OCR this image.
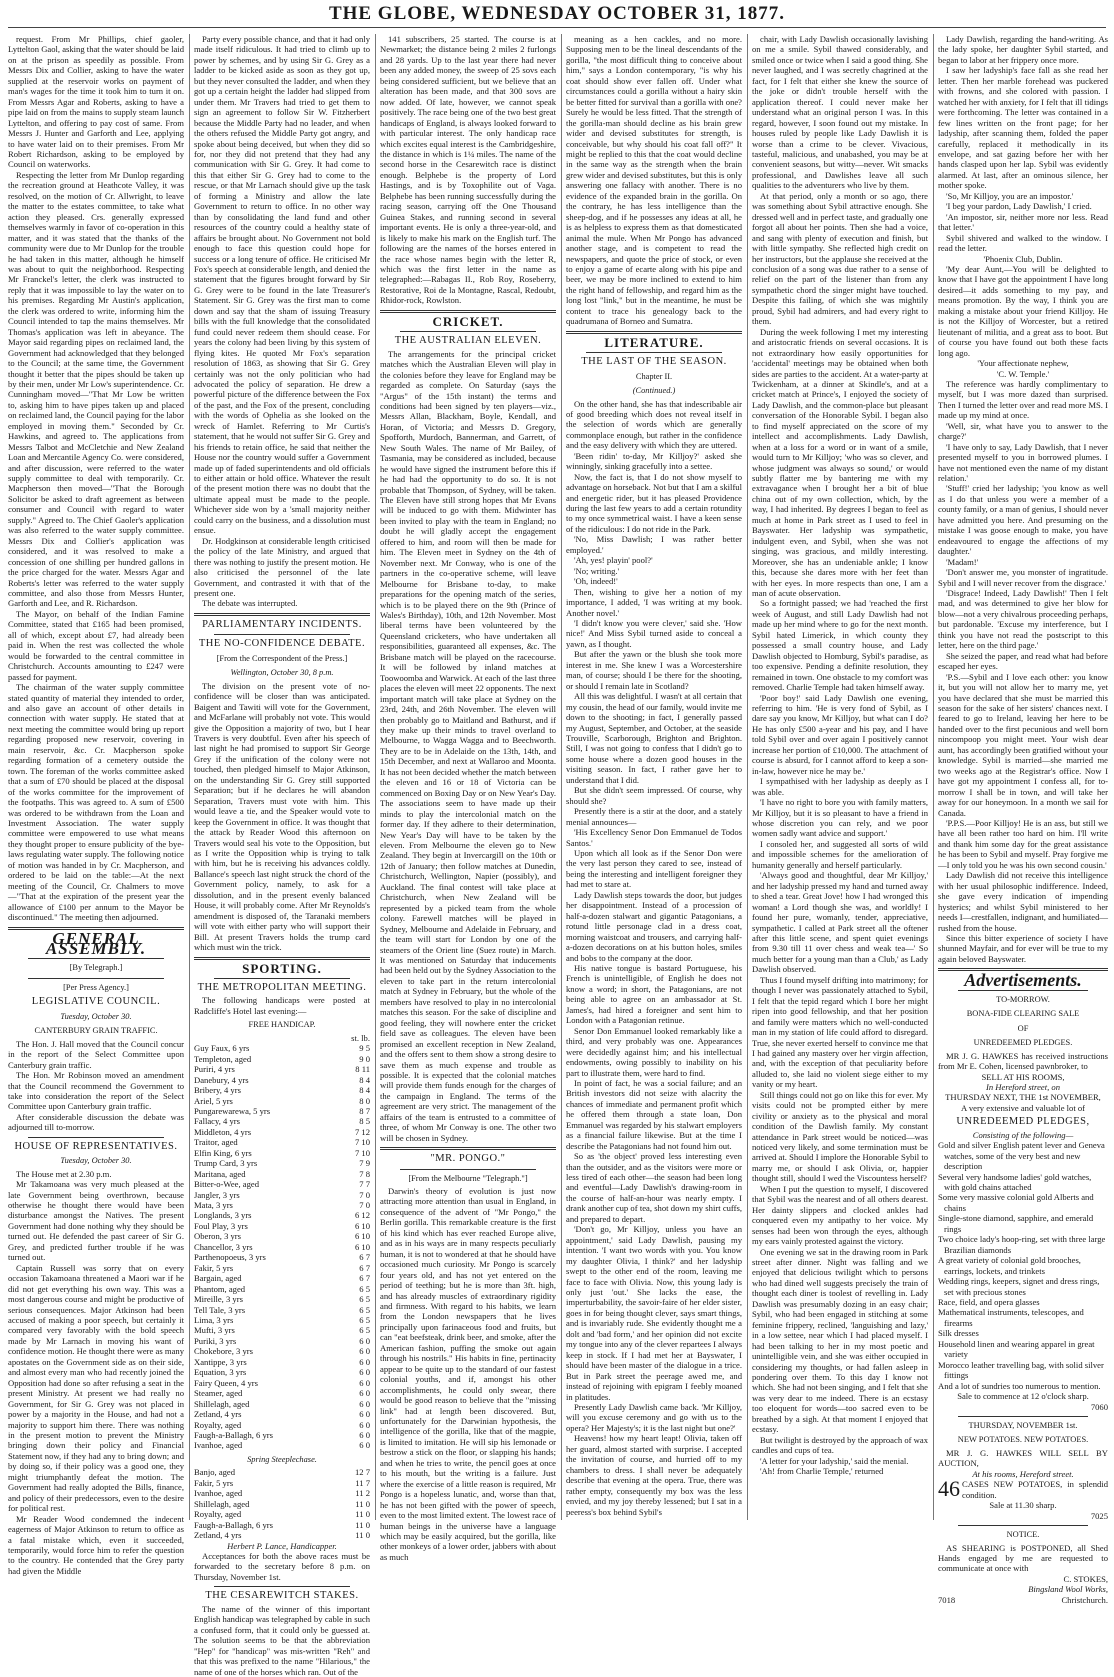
THE GLOBE, WEDNESDAY OCTOBER 31, 1877.

request. From Mr Phillips, chief gaoler, Lyttelton Gaol, asking that the water should be laid on at the prison as speedily as possible. From Messrs Dix and Collier, asking to have the water supplied at the reservoir works on payment of man's wages for the time it took him to turn it on. From Messrs Agar and Roberts, asking to have a pipe laid on from the mains to supply steam launch Lyttelton, and offering to pay cost of same. From Messrs J. Hunter and Garforth and Lee, applying to have water laid on to their premises. From Mr Robert Richardson, asking to be employed by Council on waterworks.

Respecting the letter from Mr Dunlop regarding the recreation ground at Heathcote Valley, it was resolved, on the motion of Cr. Allwright, to leave the matter to the estates committee, to take what action they pleased. Crs. generally expressed themselves warmly in favor of co-operation in this matter, and it was stated that the thanks of the community were due to Mr Dunlop for the trouble he had taken in this matter, although he himself was about to quit the neighborhood. Respecting Mr Franckel's letter, the clerk was instructed to reply that it was impossible to lay the water on to his premises. Regarding Mr Austin's application, the clerk was ordered to write, informing him the Council intended to tap the mains themselves. Mr Thomas's application was left in abeyance. The Mayor said regarding pipes on reclaimed land, the Government had acknowledged that they belonged to the Council; at the same time, the Government thought it better that the pipes should be taken up by their men, under Mr Low's superintendence. Cr. Cunningham moved—"That Mr Low be written to, asking him to have pipes taken up and placed on reclaimed land, the Council paying for the labor employed in moving them." Seconded by Cr. Hawkins, and agreed to. The applications from Messrs Talbot and McCletchie and New Zealand Loan and Mercantile Agency Co. were considered, and after discussion, were referred to the water supply committee to deal with temporarily. Cr. Macpherson then moved—"That the Borough Solicitor be asked to draft agreement as between consumer and Council with regard to water supply." Agreed to. The Chief Gaoler's application was also referred to the water supply committee. Messrs Dix and Collier's application was considered, and it was resolved to make a concession of one shilling per hundred gallons in the price charged for the water. Messrs Agar and Roberts's letter was referred to the water supply committee, and also those from Messrs Hunter, Garforth and Lee, and R. Richardson.

The Mayor, on behalf of the Indian Famine Committee, stated that £165 had been promised, all of which, except about £7, had already been paid in. When the rest was collected the whole would be forwarded to the central committee in Christchurch. Accounts amounting to £247 were passed for payment.

The chairman of the water supply committee stated quantity of material they intended to order, and also gave an account of other details in connection with water supply. He stated that at next meeting the committee would bring up report regarding proposed new reservoir, covering in main reservoir, &c. Cr. Macpherson spoke regarding formation of a cemetery outside the town. The foreman of the works committee asked that a sum of £70 should be placed at the disposal of the works committee for the improvement of the footpaths. This was agreed to. A sum of £500 was ordered to be withdrawn from the Loan and Investment Association. The water supply committee were empowered to use what means they thought proper to ensure publicity of the bye-laws regulating water supply. The following notice of motion was handed in by Cr. Macpherson, and ordered to be laid on the table:—At the next meeting of the Council, Cr. Chalmers to move—"That at the expiration of the present year the allowance of £100 per annum to the Mayor be discontinued." The meeting then adjourned.

GENERAL ASSEMBLY.

[By Telegraph.]

[Per Press Agency.]

LEGISLATIVE COUNCIL.

Tuesday, October 30.

CANTERBURY GRAIN TRAFFIC.

The Hon. J. Hall moved that the Council concur in the report of the Select Committee upon Canterbury grain traffic.

The Hon. Mr Robinson moved an amendment that the Council recommend the Government to take into consideration the report of the Select Committee upon Canterbury grain traffic.

After considerable discussion the debate was adjourned till to-morrow.

HOUSE OF REPRESENTATIVES.

Tuesday, October 30.

The House met at 2.30 p.m.

Mr Takamoana was very much pleased at the late Government being overthrown, because otherwise he thought there would have been disturbance amongst the Natives. The present Government had done nothing why they should be turned out. He defended the past career of Sir G. Grey, and predicted further trouble if he was turned out.

Captain Russell was sorry that on every occasion Takamoana threatened a Maori war if he did not get everything his own way. This was a most dangerous course and might be productive of serious consequences. Major Atkinson had been accused of making a poor speech, but certainly it compared very favorably with the bold speech made by Mr Larnach in moving his want of confidence motion. He thought there were as many apostates on the Government side as on their side, and almost every man who had recently joined the Opposition had done so after refusing a seat in the present Ministry. At present we had really no Government, for Sir G. Grey was not placed in power by a majority in the House, and had not a majority to support him there. There was nothing in the present motion to prevent the Ministry bringing down their policy and Financial Statement now, if they had any to bring down; and by doing so, if their policy was a good one, they might triumphantly defeat the motion. The Government had really adopted the Bills, finance, and policy of their predecessors, even to the desire for political rest.

Mr Reader Wood condemned the indecent eagerness of Major Atkinson to return to office as a fatal mistake which, even it succeeded, temporarily, would force him to refer the question to the country. He contended that the Grey party had given the Middle

Party every possible chance, and that it had only made itself ridiculous. It had tried to climb up to power by schemes, and by using Sir G. Grey as a ladder to be kicked aside as soon as they got up, but they never consulted the ladder, and when they got up a certain height the ladder had slipped from under them. Mr Travers had tried to get them to sign an agreement to follow Sir W. Fitzherbert because the Middle Party had no leader, and when the others refused the Middle Party got angry, and spoke about being deceived, but when they did so for, nor they did not pretend that they had any communication with Sir G. Grey. It had come to this that either Sir G. Grey had to come to the rescue, or that Mr Larnach should give up the task of forming a Ministry and allow the late Government to return to office. In no other way than by consolidating the land fund and other resources of the country could a healthy state of affairs be brought about. No Government not bold enough to face this question could hope for success or a long tenure of office. He criticised Mr Fox's speech at considerable length, and denied the statement that the figures brought forward by Sir G. Grey were to be found in the late Treasurer's Statement. Sir G. Grey was the first man to come down and say that the sham of issuing Treasury bills with the full knowledge that the consolidated fund could never redeem them should cease. For years the colony had been living by this system of flying kites. He quoted Mr Fox's separation resolution of 1863, as showing that Sir G. Grey certainly was not the only politician who had advocated the policy of separation. He drew a powerful picture of the difference between the Fox of the past, and the Fox of the present, concluding with the words of Ophelia as she looked on the wreck of Hamlet. Referring to Mr Curtis's statement, that he would not suffer Sir G. Grey and his friends to retain office, he said that neither the House nor the country would suffer a Government made up of faded superintendents and old officials to either attain or hold office. Whatever the result of the present motion there was no doubt that the ultimate appeal must be made to the people. Whichever side won by a 'small majority neither could carry on the business, and a dissolution must ensue.

Dr. Hodgkinson at considerable length criticised the policy of the late Ministry, and argued that there was nothing to justify the present motion. He also criticised the personnel of the late Government, and contrasted it with that of the present one.

The debate was interrupted.

PARLIAMENTARY INCIDENTS.

THE NO-CONFIDENCE DEBATE.

[From the Correspondent of the Press.]

Wellington, October 30, 8 p.m.

The division on the present vote of no-confidence will be closer than was anticipated. Baigent and Tawiti will vote for the Government, and McFarlane will probably not vote. This would give the Opposition a majority of two, but I hear Travers is very doubtful. Even after his speech of last night he had promised to support Sir George Grey if the unification of the colony were not touched, then pledged himself to Major Atkinson, on the understanding Sir G. Grey still supported Separation; but if he declares he will abandon Separation, Travers must vote with him. This would leave a tie, and the Speaker would vote to keep the Government in office. It was thought that the attack by Reader Wood this afternoon on Travers would seal his vote to the Opposition, but as I write the Opposition whip is trying to talk with him, but he is receiving his advances coldly. Ballance's speech last night struck the chord of the Government policy, namely, to ask for a dissolution, and in the present evenly balanced House, it will probably come. After Mr Reynolds's amendment is disposed of, the Taranaki members will vote with either party who will support their Bill. At present Travers holds the trump card which must win the trick.

SPORTING.

THE METROPOLITAN MEETING.

The following handicaps were posted at Radcliffe's Hotel last evening:—

FREE HANDICAP.

st. lb.
Guy Faux, 6 yrs	9 5
Templeton, aged	9 0
Puriri, 4 yrs	8 11
Danebury, 4 yrs	8 4
Bribery, 4 yrs	8 4
Ariel, 5 yrs	8 0
Pungarewarewa, 5 yrs	8 7
Fallacy, 4 yrs	8 5
Middleton, 4 yrs	7 12
Traitor, aged	7 10
Elfin King, 6 yrs	7 10
Trump Card, 3 yrs	7 9
Maritana, aged	7 8
Bitter-o-Wee, aged	7 7
Jangler, 3 yrs	7 0
Mata, 3 yrs	7 0
Longlands, 3 yrs	6 12
Foul Play, 3 yrs	6 10
Oberon, 3 yrs	6 10
Chancellor, 3 yrs	6 10
Parthenopoeus, 3 yrs	6 7
Fakir, 5 yrs	6 7
Bargain, aged	6 7
Phantom, aged	6 5
Mireille, 3 yrs	6 5
Tell Tale, 3 yrs	6 5
Lima, 3 yrs	6 5
Mufti, 3 yrs	6 5
Puriki, 3 yrs	6 0
Chokebore, 3 yrs	6 0
Xantippe, 3 yrs	6 0
Equation, 3 yrs	6 0
Fairy Queen, 4 yrs	6 0
Steamer, aged	6 0
Shillelagh, aged	6 0
Zetland, 4 yrs	6 0
Royalty, aged	6 0
Faugh-a-Ballagh, 6 yrs	6 0
Ivanhoe, aged	6 0

Spring Steeplechase.

Banjo, aged	12 7
Fakir, 5 yrs	11 7
Ivanhoe, aged	11 2
Shillelagh, aged	11 0
Royalty, aged	11 0
Faugh-a-Ballagh, 6 yrs	11 0
Zetland, 4 yrs	11 0

Herbert P. Lance, Handicapper.

Acceptances for both the above races must be forwarded to the secretary before 8 p.m. on Thursday, November 1st.

THE CESAREWITCH STAKES.

The name of the winner of this important English handicap was telegraphed by cable in such a confused form, that it could only be guessed at. The solution seems to be that the abbreviation "Hep" for "handicap" was mis-written "Reh" and that this was prefixed to the name "Hilarious," the name of one of the horses which ran. Out of the

141 subscribers, 25 started. The course is at Newmarket; the distance being 2 miles 2 furlongs and 28 yards. Up to the last year there had never been any added money, the sweep of 25 sovs each being considered sufficient, but we believe that an alteration has been made, and that 300 sovs are now added. Of late, however, we cannot speak positively. The race being one of the two best great handicaps of England, is always looked forward to with particular interest. The only handicap race which excites equal interest is the Cambridgeshire, the distance in which is 1¼ miles. The name of the second horse in the Cesarewitch race is distinct enough. Belphebe is the property of Lord Hastings, and is by Toxophilite out of Vaga. Belphebe has been running successfully during the racing season, carrying off the One Thousand Guinea Stakes, and running second in several important events. He is only a three-year-old, and is likely to make his mark on the English turf. The following are the names of the horses entered in the race whose names begin with the letter R, which was the first letter in the name as telegraphed:—Rabagas II., Rob Roy, Roseberry, Restorative, Roi de la Montagne, Rascal, Redoubt, Rhidor-rock, Rowlston.

CRICKET.

THE AUSTRALIAN ELEVEN.

The arrangements for the principal cricket matches which the Australian Eleven will play in the colonies before they leave for England may be regarded as complete. On Saturday (says the "Argus" of the 15th instant) the terms and conditions had been signed by ten players—viz., Messrs Allan, Blackham, Boyle, Kendall, and Horan, of Victoria; and Messrs D. Gregory, Spofforth, Murdoch, Bannerman, and Garrett, of New South Wales. The name of Mr Bailey, of Tasmania, may be considered as included, because he would have signed the instrument before this if he had had the opportunity to do so. It is not probable that Thompson, of Sydney, will be taken. The Eleven have still strong hopes that Mr Evans will be induced to go with them. Midwinter has been invited to play with the team in England; no doubt he will gladly accept the engagement offered to him, and room will then be made for him. The Eleven meet in Sydney on the 4th of November next. Mr Conway, who is one of the partners in the co-operative scheme, will leave Melbourne for Brisbane to-day, to make preparations for the opening match of the series, which is to be played there on the 9th (Prince of Wales's Birthday), 10th, and 12th November. Most liberal terms have been volunteered by the Queensland cricketers, who have undertaken all responsibilities, guaranteed all expenses, &c. The Brisbane match will be played on the racecourse. It will be followed by inland matches at Toowoomba and Warwick. At each of the last three places the eleven will meet 22 opponents. The next important match will take place at Sydney on the 23rd, 24th, and 26th November. The eleven will then probably go to Maitland and Bathurst, and if they make up their minds to travel overland to Melbourne, to Wagga Wagga and to Beechworth. They are to be in Adelaide on the 13th, 14th, and 15th December, and next at Wallaroo and Moonta. It has not been decided whether the match between the eleven and 16 or 18 of Victoria can be commenced on Boxing Day or on New Year's Day. The associations seem to have made up their minds to play the intercolonial match on the former day. If they adhere to their determination, New Year's Day will have to be taken by the eleven. From Melbourne the eleven go to New Zealand. They begin at Invercargill on the 10th or 12th of January; then follow matches at Dunedin, Christchurch, Wellington, Napier (possibly), and Auckland. The final contest will take place at Christchurch, when New Zealand will be represented by a picked team from the whole colony. Farewell matches will be played in Sydney, Melbourne and Adelaide in February, and the team will start for London by one of the steamers of the Orient line (Suez route) in March. It was mentioned on Saturday that inducements had been held out by the Sydney Association to the eleven to take part in the return intercolonial match at Sydney in February, but the whole of the members have resolved to play in no intercolonial matches this season. For the sake of discipline and good feeling, they will nowhere enter the cricket field save as colleagues. The eleven have been promised an excellent reception in New Zealand, and the offers sent to them show a strong desire to save them as much expense and trouble as possible. It is expected that the colonial matches will provide them funds enough for the charges of the campaign in England. The terms of the agreement are very strict. The management of the affairs of the team is entrusted to a committee of three, of whom Mr Conway is one. The other two will be chosen in Sydney.

"MR. PONGO."

[From the Melbourne "Telegraph."]

Darwin's theory of evolution is just now attracting more attention than usual in England, in consequence of the advent of "Mr Pongo," the Berlin gorilla. This remarkable creature is the first of his kind which has ever reached Europe alive, and as in his ways are in many respects peculiarly human, it is not to wondered at that he should have occasioned much curiosity. Mr Pongo is scarcely four years old, and has not yet entered on the period of teething; but he is more than 3ft. high, and has already muscles of extraordinary rigidity and firmness. With regard to his habits, we learn from the London newspapers that he lives principally upon farinaceous food and fruits, but can "eat beefsteak, drink beer, and smoke, after the American fashion, puffing the smoke out again through his nostrils." His habits in fine, pertinacity appear to be quite up to the standard of our fastest colonial youths, and if, amongst his other accomplishments, he could only swear, there would be good reason to believe that the "missing link" had at length been discovered. But, unfortunately for the Darwinian hypothesis, the intelligence of the gorilla, like that of the magpie, is limited to imitation. He will sip his lemonade or bestrow a stick on the floor, or slapping his hands; and when he tries to write, the pencil goes at once to his mouth, but the writing is a failure. Just where the exercise of a little reason is required, Mr Pongo is a hopeless lunatic, and, worse than that, he has not been gifted with the power of speech, even to the most limited extent. The lowest race of human beings in the universe have a language which may be easily acquired, but the gorilla, like other monkeys of a lower order, jabbers with about as much

meaning as a hen cackles, and no more. Supposing men to be the lineal descendants of the gorilla, "the most difficult thing to conceive about him," says a London contemporary, "is why his coat should show ever fallen off. Under what circumstances could a gorilla without a hairy skin be better fitted for survival than a gorilla with one? Surely he would be less fitted. That the strength of the gorilla-man should decline as his brain grew wider and devised substitutes for strength, is conceivable, but why should his coat fall off?" It might be replied to this that the coat would decline in the same way as the strength when the brain grew wider and devised substitutes, but this is only answering one fallacy with another. There is no evidence of the expanded brain in the gorilla. On the contrary, he has less intelligence than the sheep-dog, and if he possesses any ideas at all, he is as helpless to express them as that domesticated animal the mule. When Mr Pongo has advanced another stage, and is competent to read the newspapers, and quote the price of stock, or even to enjoy a game of ecarte along with his pipe and beer, we may be more inclined to extend to him the right hand of fellowship, and regard him as the long lost "link," but in the meantime, he must be content to trace his genealogy back to the quadrumana of Borneo and Sumatra.

LITERATURE.

THE LAST OF THE SEASON.

Chapter II.

(Continued.)

On the other hand, she has that indescribable air of good breeding which does not reveal itself in the selection of words which are generally commonplace enough, but rather in the confidence and the easy delivery with which they are uttered.

'Been ridin' to-day, Mr Killjoy?' asked she winningly, sinking gracefully into a settee.

Now, the fact is, that I do not show myself to advantage on horseback. Not but that I am a skilful and energetic rider, but it has pleased Providence during the last few years to add a certain rotundity to my once symmetrical waist. I have a keen sense of the ridiculous: I do not ride in the Park.

'No, Miss Dawlish; I was rather better employed.'

'Ah, yes! playin' pool?'

'No; writing.'

'Oh, indeed!'

Then, wishing to give her a notion of my importance, I added, 'I was writing at my book. Another novel.'

'I didn't know you were clever,' said she. 'How nice!' And Miss Sybil turned aside to conceal a yawn, as I thought.

But after the yawn or the blush she took more interest in me. She knew I was a Worcestershire man, of course; should I be there for the shooting, or should I remain late in Scotland?

All this was delightful. I wasn't at all certain that my cousin, the head of our family, would invite me down to the shooting; in fact, I generally passed my August, September, and October, at the seaside Trouville, Scarborough, Brighton and Brighton. Still, I was not going to confess that I didn't go to some house where a dozen good houses in the visiting season. In fact, I rather gave her to understand that I did.

But she didn't seem impressed. Of course, why should she?

Presently there is a stir at the door, and a stately menial announces—

'His Excellency Senor Don Emmanuel de Todos Santos.'

Upon which all look as if the Senor Don were the very last person they cared to see, instead of being the interesting and intelligent foreigner they had met to stare at.

Lady Dawlish steps towards the door, but judges her disappointment. Instead of a procession of half-a-dozen stalwart and gigantic Patagonians, a rotund little personage clad in a dress coat, morning waistcoat and trousers, and carrying half-a-dozen decorations on at his button holes, smiles and bobs to the company at the door.

His native tongue is bastard Portuguese, his French is unintelligible, of English he does not know a word; in short, the Patagonians, are not being able to agree on an ambassador at St. James's, had hired a foreigner and sent him to London with a Patagonian retinue.

Senor Don Emmanuel looked remarkably like a third, and very probably was one. Appearances were decidedly against him; and his intellectual endowments, owing possibly to inability on his part to illustrate them, were hard to find.

In point of fact, he was a social failure; and an British investors did not seize with alacrity the chances of immediate and permanent profit which he offered them through a state loan, Don Emmanuel was regarded by his stalwart employers as a financial failure likewise. But at the time I describe the Patagonians had not found him out.

So as 'the object' proved less interesting even than the outsider, and as the visitors were more or less tired of each other—the season had been long and eventful—Lady Dawlish's drawing-room in the course of half-an-hour was nearly empty. I drank another cup of tea, shot down my shirt cuffs, and prepared to depart.

'Don't go, Mr Killjoy, unless you have an appointment,' said Lady Dawlish, pausing my intention. 'I want two words with you. You know my daughter Olivia, I think?' and her ladyship swept to the other end of the room, leaving me face to face with Olivia. Now, this young lady is only just 'out.' She lacks the ease, the imperturbability, the savoir-faire of her elder sister, goes in for being thought clever, says smart things, and is invariably rude. She evidently thought me a dolt and 'bad form,' and her opinion did not excite my tongue into any of the clever repartees I always keep in stock. If I had met her at Bayswater, I should have been master of the dialogue in a trice. But in Park street the peerage awed me, and instead of rejoining with epigram I feebly moaned in platitudes.

Presently Lady Dawlish came back. 'Mr Killjoy, will you excuse ceremony and go with us to the opera? Her Majesty's; it is the last night but one?'

Heavens! how my heart leapt! Olivia, taken off her guard, almost started with surprise. I accepted the invitation of course, and hurried off to my chambers to dress. I shall never be adequately describe that evening at the opera. True, there was rather empty, consequently my box was the less envied, and my joy thereby lessened; but I sat in a peeress's box behind Sybil's

chair, with Lady Dawlish occasionally lavishing on me a smile. Sybil thawed considerably, and smiled once or twice when I said a good thing. She never laughed, and I was secretly chagrined at the fact, for I felt that either she knew the source of the joke or didn't trouble herself with the application thereof. I could never make her understand what an original person I was. In this regard, however, I soon found out my mistake. In houses ruled by people like Lady Dawlish it is worse than a crime to be clever. Vivacious, tasteful, malicious, and unabashed, you may be at convenient seasons, but witty—never. Wit smacks professional, and Dawlishes leave all such qualities to the adventurers who live by them.

At that period, only a month or so ago, there was something about Sybil attractive enough. She dressed well and in perfect taste, and gradually one forgot all about her points. Then she had a voice, and sang with plenty of execution and finish, but with little sympathy. She reflected high credit on her instructors, but the applause she received at the conclusion of a song was due rather to a sense of relief on the part of the listener than from any sympathetic chord the singer might have touched. Despite this failing, of which she was mightily proud, Sybil had admirers, and had every right to them.

During the week following I met my interesting and aristocratic friends on several occasions. It is not extraordinary how easily opportunities for 'accidental' meetings may be obtained when both sides are parties to the accident. At a water-party at Twickenham, at a dinner at Skindle's, and at a cricket match at Prince's, I enjoyed the society of Lady Dawlish, and the common-place but pleasant conversation of the Honorable Sybil. I began also to find myself appreciated on the score of my intellect and accomplishments. Lady Dawlish, when at a loss for a word or in want of a smile, would turn to Mr Killjoy; 'who was so clever, and whose judgment was always so sound,' or would subtly flatter me by bantering me with my extravagance when I brought her a bit of blue china out of my own collection, which, by the way, I had inherited. By degrees I began to feel as much at home in Park street as I used to feel in Bayswater. Her ladyship was sympathetic, indulgent even, and Sybil, when she was not singing, was gracious, and mildly interesting. Moreover, she has an undeniable ankle; I know this, because she dares more with her feet than with her eyes. In more respects than one, I am a man of acute observation.

So a fortnight passed; we had 'reached the first week of August, and still Lady Dawlish had not made up her mind where to go for the next month. Sybil hated Limerick, in which county they possessed a small country house, and Lady Dawlish objected to Homburg, Sybil's paradise, as too expensive. Pending a definite resolution, they remained in town. One obstacle to my comfort was removed. Charlie Temple had taken himself away.

'Poor boy!' said Lady Dawlish one evening, referring to him. 'He is very fond of Sybil, as I dare say you know, Mr Killjoy, but what can I do? He has only £500 a-year and his pay, and I have told Sybil over and over again I positively cannot increase her portion of £10,000. The attachment of course is absurd, for I cannot afford to keep a son-in-law, however nice he may be.'

I sympathised with her ladyship as deeply as I was able.

'I have no right to bore you with family matters, Mr Killjoy, but it is so pleasant to have a friend in whose discretion you can rely, and we poor women sadly want advice and support.'

I consoled her, and suggested all sorts of wild and impossible schemes for the amelioration of humanity generally and herself particularly.

'Always good and thoughtful, dear Mr Killjoy,' and her ladyship pressed my hand and turned away to shed a tear. Great Jove! how I had wronged this woman! a Lord though she was, and worldly! I found her pure, womanly, tender, appreciative, sympathetic. I called at Park street all the oftener after this little scene, and spent quiet evenings from 9.30 till 11 over chess and weak tea—' So much better for a young man than a Club,' as Lady Dawlish observed.

Thus I found myself drifting into matrimony; for though I never was passionately attached to Sybil, I felt that the tepid regard which I bore her might ripen into good fellowship, and that her position and family were matters which no well-conducted man in my station of life could afford to disregard. True, she never exerted herself to convince me that I had gained any mastery over her virgin affection, and, with the exception of that peculiarity before alluded to, she laid no violent siege either to my vanity or my heart.

Still things could not go on like this for ever. My visits could not be prompted either by mere civility or anxiety as to the physical and moral condition of the Dawlish family. My constant attendance in Park street would be noticed—was noticed very likely, and some termination must be arrived at. Should I implore the Honorable Sybil to marry me, or should I ask Olivia, or, happier thought still, should I wed the Viscountess herself?

When I put the question to myself, I discovered that Sybil was the nearest and of all others dearest. Her dainty slippers and clocked ankles had conquered even my antipathy to her voice. My senses had been won through the eyes, although my ears vainly protested against the victory.

One evening we sat in the drawing room in Park street after dinner. Night was falling and we enjoyed that delicious twilight which to persons who had dined well suggests precisely the train of thought each diner is toolest of revelling in. Lady Dawlish was presumably dozing in an easy chair; Sybil, who had been engaged in stitching at some feminine frippery, reclined, 'languishing and lazy,' in a low settee, near which I had placed myself. I had been talking to her in my most poetic and unintelligible vein, and she was either occupied in considering my thoughts, or had fallen asleep in pondering over them. To this day I know not which. She had not been singing, and I felt that she was very dear to me indeed. There is an ecstasy too eloquent for words—too sacred even to be breathed by a sigh. At that moment I enjoyed that ecstasy.

But twilight is destroyed by the approach of wax candles and cups of tea.

'A letter for your ladyship,' said the menial.

'Ah! from Charlie Temple,' returned

Lady Dawlish, regarding the hand-writing. As the lady spoke, her daughter Sybil started, and began to labor at her frippery once more.

I saw her ladyship's face fall as she read her letter. Then her marble forehead was puckered with frowns, and she colored with passion. I watched her with anxiety, for I felt that ill tidings were forthcoming. The letter was contained in a few lines written on the front page; for her ladyship, after scanning them, folded the paper carefully, replaced it methodically in its envelope, and sat gazing before her with her hands clasped upon her lap. Sybil was evidently alarmed. At last, after an ominous silence, her mother spoke.

'So, Mr Killjoy, you are an impostor.'

'I beg your pardon, Lady Dawlish,' I cried.

'An impostor, sir, neither more nor less. Read that letter.'

Sybil shivered and walked to the window. I read the letter.

'Phoenix Club, Dublin.

'My dear Aunt,—You will be delighted to know that I have got the appointment I have long desired—it adds something to my pay, and means promotion. By the way, I think you are making a mistake about your friend Killjoy. He is not the Killjoy of Worcester, but a retired lieutenant of militia, and a great ass to boot. But of course you have found out both these facts long ago.

'Your affectionate nephew,

'C. W. Temple.'

The reference was hardly complimentary to myself, but I was more dazed than surprised. Then I turned the letter over and read more MS. I made up my mind at once.

'Well, sir, what have you to answer to the charge?'

'I have only to say, Lady Dawlish, that I never presented myself to you in borrowed plumes. I have not mentioned even the name of my distant relation.'

'Stuff!' cried her ladyship; 'you know as well as I do that unless you were a member of a county family, or a man of genius, I should never have admitted you here. And presuming on the mistake I was goose enough to make, you have endeavoured to engage the affections of my daughter.'

'Madam!'

'Don't answer me, you monster of ingratitude. Sybil and I will never recover from the disgrace.'

'Disgrace! Indeed, Lady Dawlish!' Then I felt mad, and was determined to give her blow for blow—not a very chivalrous proceeding perhaps, but pardonable. 'Excuse my interference, but I think you have not read the postscript to this letter, here on the third page.'

She seized the paper, and read what had before escaped her eyes.

'P.S.—Sybil and I love each other: you know it, but you will not allow her to marry me, yet you have declared that she must be married this season for the sake of her sisters' chances next. I feared to go to Ireland, leaving her here to be handed over to the first pecunious and well born nincompoop you might meet. Your wish dear aunt, has accordingly been gratified without your knowledge. Sybil is married—she married me two weeks ago at the Registrar's office. Now I have got my appointment I confess all, for to-morrow I shall be in town, and will take her away for our honeymoon. In a month we sail for Canada.

'P.P.S.—Poor Killjoy! He is an ass, but still we have all been rather too hard on him. I'll write and thank him some day for the great assistance he has been to Sybil and myself. Pray forgive me—I only told you he was his own second cousin.'

Lady Dawlish did not receive this intelligence with her usual philosophic indifference. Indeed, she gave every indication of impending hysterics; and whilst Sybil ministered to her needs I—crestfallen, indignant, and humiliated—rushed from the house.

Since this bitter experience of society I have shunned Mayfair, and for ever will be true to my again beloved Bayswater.

Advertisements.

TO-MORROW.

BONA-FIDE CLEARING SALE

OF

UNREDEEMED PLEDGES.

MR J. G. HAWKES has received instructions from Mr E. Cohen, licensed pawnbroker, to

SELL AT HIS ROOMS,

In Hereford street, on

THURSDAY NEXT, THE 1st NOVEMBER,

A very extensive and valuable lot of

UNREDEEMED PLEDGES,

Consisting of the following—

Gold and silver English patent lever and Geneva watches, some of the very best and new description

Several very handsome ladies' gold watches, with gold chains attached

Some very massive colonial gold Alberts and chains

Single-stone diamond, sapphire, and emerald rings

Two choice lady's hoop-ring, set with three large Brazilian diamonds

A great variety of colonial gold brooches, earrings, lockets, and trinkets

Wedding rings, keepers, signet and dress rings, set with precious stones

Race, field, and opera glasses

Mathematical instruments, telescopes, and firearms

Silk dresses

Household linen and wearing apparel in great variety

Morocco leather travelling bag, with solid silver fittings

And a lot of sundries too numerous to mention.

Sale to commence at 12 o'clock sharp.

7060

THURSDAY, NOVEMBER 1st.

NEW POTATOES. NEW POTATOES.

MR J. G. HAWKES WILL SELL BY AUCTION,

At his rooms, Hereford street.

46 CASES NEW POTATOES, in splendid condition.

Sale at 11.30 sharp.

7025

NOTICE.

AS SHEARING is POSTPONED, all Shed Hands engaged by me are requested to communicate at once with

C. STOKES,

Bingsland Wool Works,

7018	Christchurch.
